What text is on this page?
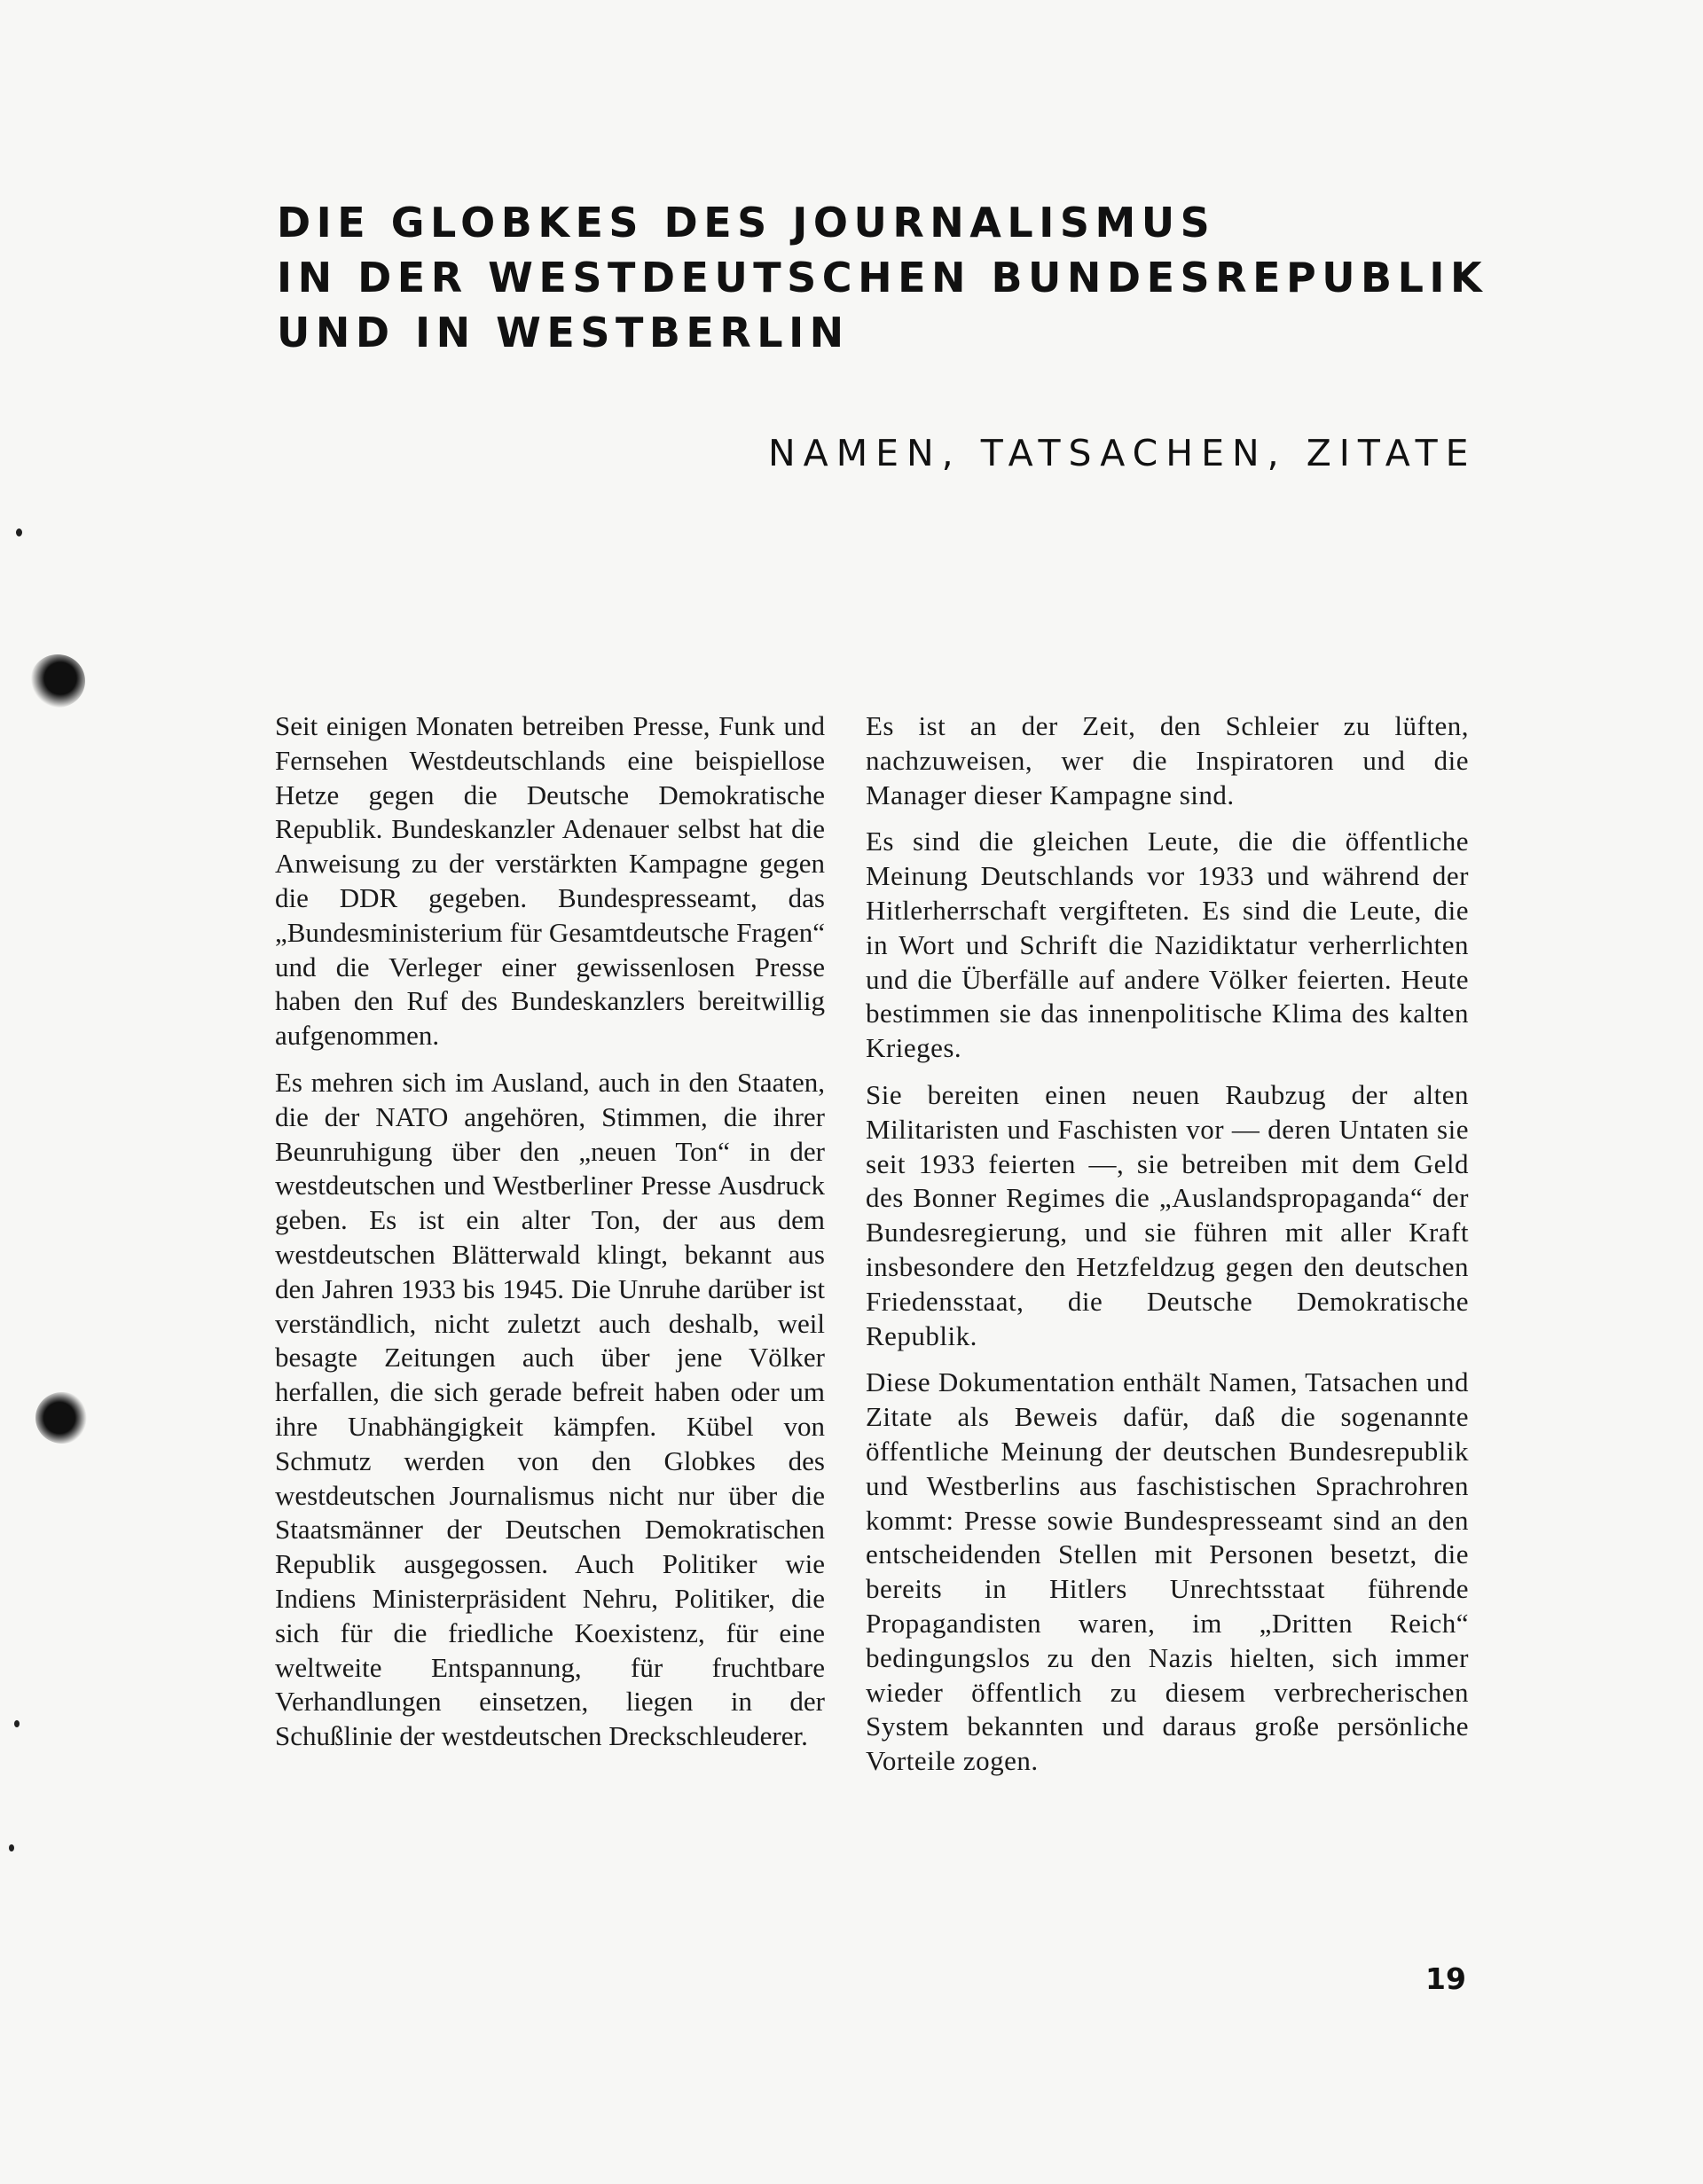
DIE GLOBKES DES JOURNALISMUS
IN DER WESTDEUTSCHEN BUNDESREPUBLIK
UND IN WESTBERLIN
NAMEN, TATSACHEN, ZITATE

Seit einigen Monaten betreiben Presse, Funk und Fernsehen Westdeutschlands eine beispiellose Hetze gegen die Deutsche Demokratische Republik. Bundeskanzler Adenauer selbst hat die Anweisung zu der verstärkten Kampagne gegen die DDR gegeben. Bundespresseamt, das „Bundesministerium für Gesamtdeutsche Fragen“ und die Verleger einer gewissenlosen Presse haben den Ruf des Bundeskanzlers bereitwillig aufgenommen.

Es mehren sich im Ausland, auch in den Staaten, die der NATO angehören, Stimmen, die ihrer Beunruhigung über den „neuen Ton“ in der westdeutschen und Westberliner Presse Ausdruck geben. Es ist ein alter Ton, der aus dem westdeutschen Blätterwald klingt, bekannt aus den Jahren 1933 bis 1945. Die Unruhe darüber ist verständlich, nicht zuletzt auch deshalb, weil besagte Zeitungen auch über jene Völker herfallen, die sich gerade befreit haben oder um ihre Unabhängigkeit kämpfen. Kübel von Schmutz werden von den Globkes des westdeutschen Journalismus nicht nur über die Staatsmänner der Deutschen Demokratischen Republik ausgegossen. Auch Politiker wie Indiens Ministerpräsident Nehru, Politiker, die sich für die friedliche Koexistenz, für eine weltweite Entspannung, für fruchtbare Verhandlungen einsetzen, liegen in der Schußlinie der westdeutschen Dreckschleuderer.

Es ist an der Zeit, den Schleier zu lüften, nachzuweisen, wer die Inspiratoren und die Manager dieser Kampagne sind.

Es sind die gleichen Leute, die die öffentliche Meinung Deutschlands vor 1933 und während der Hitlerherrschaft vergifteten. Es sind die Leute, die in Wort und Schrift die Nazidiktatur verherrlichten und die Überfälle auf andere Völker feierten. Heute bestimmen sie das innenpolitische Klima des kalten Krieges.

Sie bereiten einen neuen Raubzug der alten Militaristen und Faschisten vor — deren Untaten sie seit 1933 feierten —, sie betreiben mit dem Geld des Bonner Regimes die „Auslandspropaganda“ der Bundesregierung, und sie führen mit aller Kraft insbesondere den Hetzfeldzug gegen den deutschen Friedensstaat, die Deutsche Demokratische Republik.

Diese Dokumentation enthält Namen, Tatsachen und Zitate als Beweis dafür, daß die sogenannte öffentliche Meinung der deutschen Bundesrepublik und Westberlins aus faschistischen Sprachrohren kommt: Presse sowie Bundespresseamt sind an den entscheidenden Stellen mit Personen besetzt, die bereits in Hitlers Unrechtsstaat führende Propagandisten waren, im „Dritten Reich“ bedingungslos zu den Nazis hielten, sich immer wieder öffentlich zu diesem verbrecherischen System bekannten und daraus große persönliche Vorteile zogen.

19
